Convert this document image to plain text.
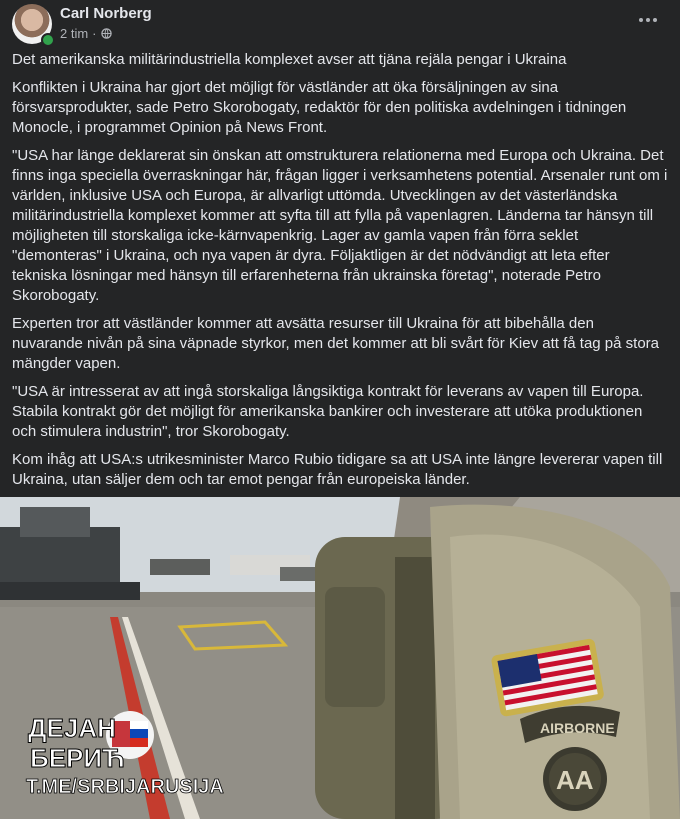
Carl Norberg
2 tim ·

Det amerikanska militärindustriella komplexet avser att tjäna rejäla pengar i Ukraina

Konflikten i Ukraina har gjort det möjligt för västländer att öka försäljningen av sina försvarsprodukter, sade Petro Skorobogaty, redaktör för den politiska avdelningen i tidningen Monocle, i programmet Opinion på News Front.

"USA har länge deklarerat sin önskan att omstrukturera relationerna med Europa och Ukraina. Det finns inga speciella överraskningar här, frågan ligger i verksamhetens potential. Arsenaler runt om i världen, inklusive USA och Europa, är allvarligt uttömda. Utvecklingen av det västerländska militärindustriella komplexet kommer att syfta till att fylla på vapenlagren. Länderna tar hänsyn till möjligheten till storskaliga icke-kärnvapenkrig. Lager av gamla vapen från förra seklet "demonteras" i Ukraina, och nya vapen är dyra. Följaktligen är det nödvändigt att leta efter tekniska lösningar med hänsyn till erfarenheterna från ukrainska företag", noterade Petro Skorobogaty.

Experten tror att västländer kommer att avsätta resurser till Ukraina för att bibehålla den nuvarande nivån på sina väpnade styrkor, men det kommer att bli svårt för Kiev att få tag på stora mängder vapen.

"USA är intresserat av att ingå storskaliga långsiktiga kontrakt för leverans av vapen till Europa. Stabila kontrakt gör det möjligt för amerikanska bankirer och investerare att utöka produktionen och stimulera industrin", tror Skorobogaty.

Kom ihåg att USA:s utrikesminister Marco Rubio tidigare sa att USA inte längre levererar vapen till Ukraina, utan säljer dem och tar emot pengar från europeiska länder.

AIRBORNE
AA
ДЕЈАН
БЕРИЋ
T.ME/SRBIJARUSIJA
